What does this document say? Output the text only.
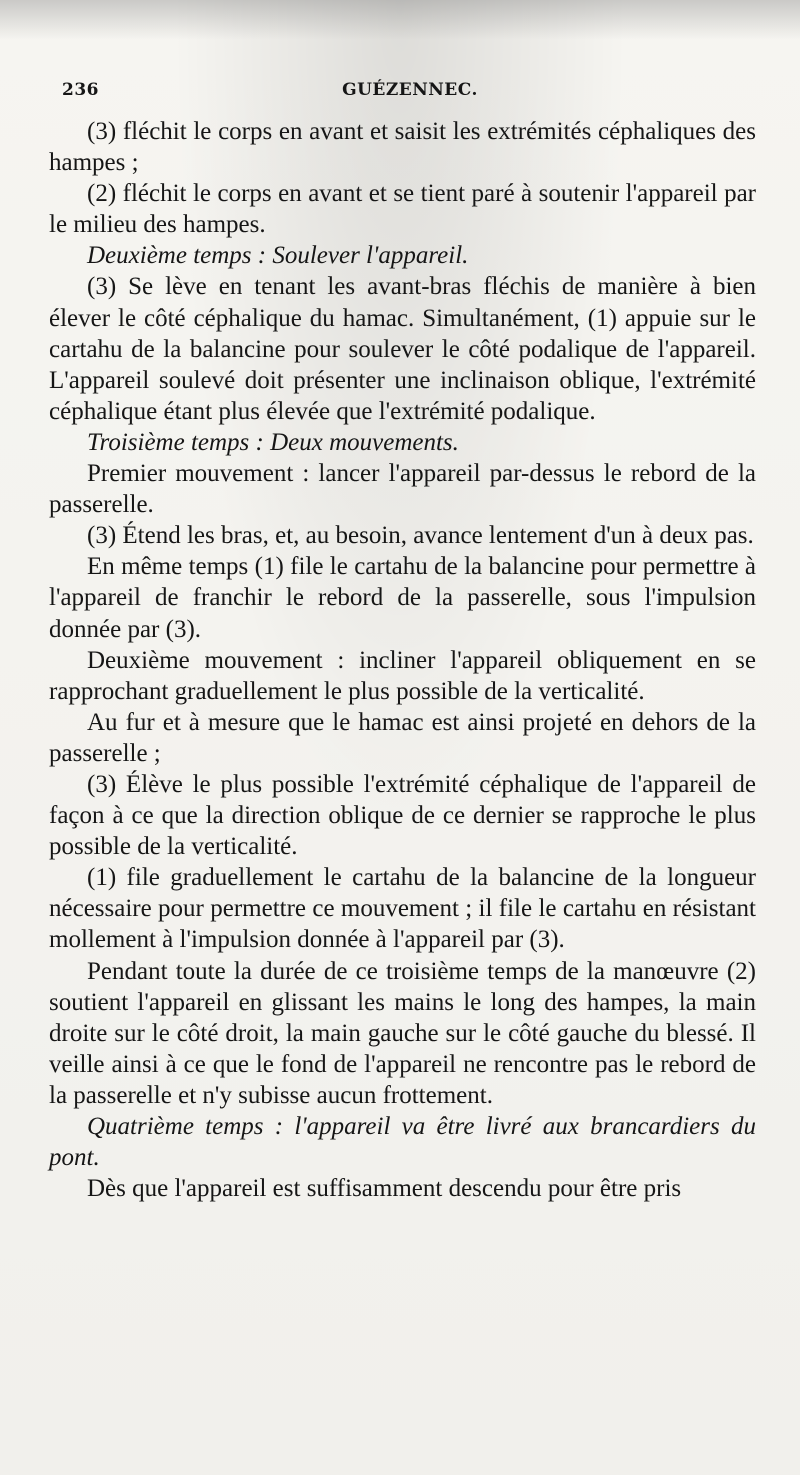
236	GUÉZENNEC.

(3) fléchit le corps en avant et saisit les extrémités céphaliques des hampes ;

(2) fléchit le corps en avant et se tient paré à soutenir l'appareil par le milieu des hampes.

Deuxième temps : Soulever l'appareil.

(3) Se lève en tenant les avant-bras fléchis de manière à bien élever le côté céphalique du hamac. Simultanément, (1) appuie sur le cartahu de la balancine pour soulever le côté podalique de l'appareil. L'appareil soulevé doit présenter une inclinaison oblique, l'extrémité céphalique étant plus élevée que l'extrémité podalique.

Troisième temps : Deux mouvements.

Premier mouvement : lancer l'appareil par-dessus le rebord de la passerelle.

(3) Étend les bras, et, au besoin, avance lentement d'un à deux pas.

En même temps (1) file le cartahu de la balancine pour permettre à l'appareil de franchir le rebord de la passerelle, sous l'impulsion donnée par (3).

Deuxième mouvement : incliner l'appareil obliquement en se rapprochant graduellement le plus possible de la verticalité.

Au fur et à mesure que le hamac est ainsi projeté en dehors de la passerelle ;

(3) Élève le plus possible l'extrémité céphalique de l'appareil de façon à ce que la direction oblique de ce dernier se rapproche le plus possible de la verticalité.

(1) file graduellement le cartahu de la balancine de la longueur nécessaire pour permettre ce mouvement ; il file le cartahu en résistant mollement à l'impulsion donnée à l'appareil par (3).

Pendant toute la durée de ce troisième temps de la manœuvre (2) soutient l'appareil en glissant les mains le long des hampes, la main droite sur le côté droit, la main gauche sur le côté gauche du blessé. Il veille ainsi à ce que le fond de l'appareil ne rencontre pas le rebord de la passerelle et n'y subisse aucun frottement.

Quatrième temps : l'appareil va être livré aux brancardiers du pont.

Dès que l'appareil est suffisamment descendu pour être pris
